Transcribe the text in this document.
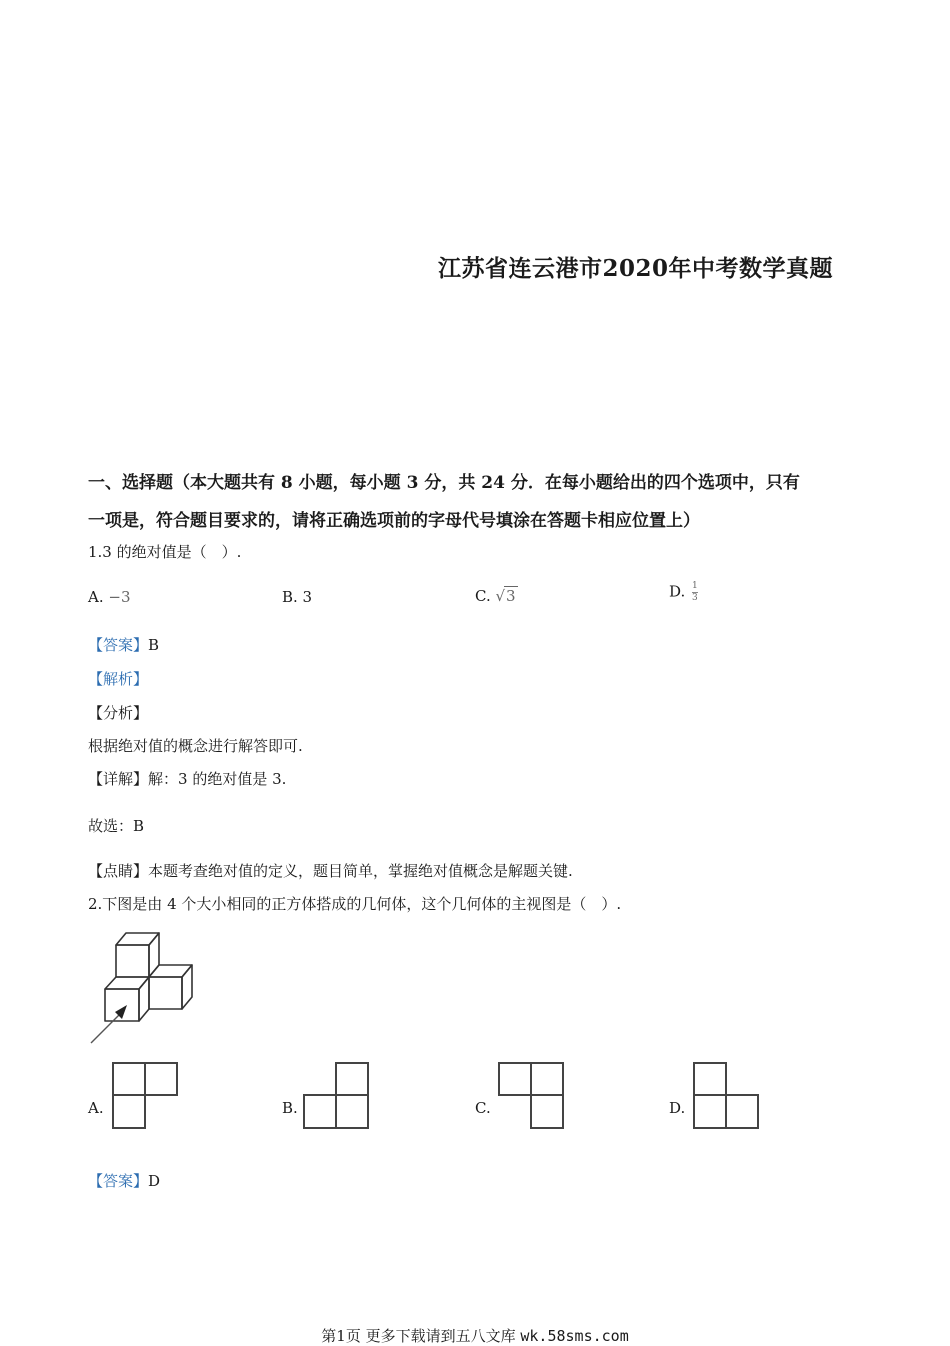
江苏省连云港市2020年中考数学真题
一、选择题（本大题共有 8 小题，每小题 3 分，共 24 分．在每小题给出的四个选项中，只有
一项是，符合题目要求的，请将正确选项前的字母代号填涂在答题卡相应位置上）
1.3 的绝对值是（　）.
A. −3	B. 3	C. √3	D. $\frac{1}{3}$
【答案】B
【解析】
【分析】
根据绝对值的概念进行解答即可.
【详解】解：3 的绝对值是 3.
故选：B
【点睛】本题考查绝对值的定义，题目简单，掌握绝对值概念是解题关键.
2.下图是由 4 个大小相同的正方体搭成的几何体，这个几何体的主视图是（　）.
A.	B.	C.	D.
【答案】D
第1页 更多下载请到五八文库 wk.58sms.com
